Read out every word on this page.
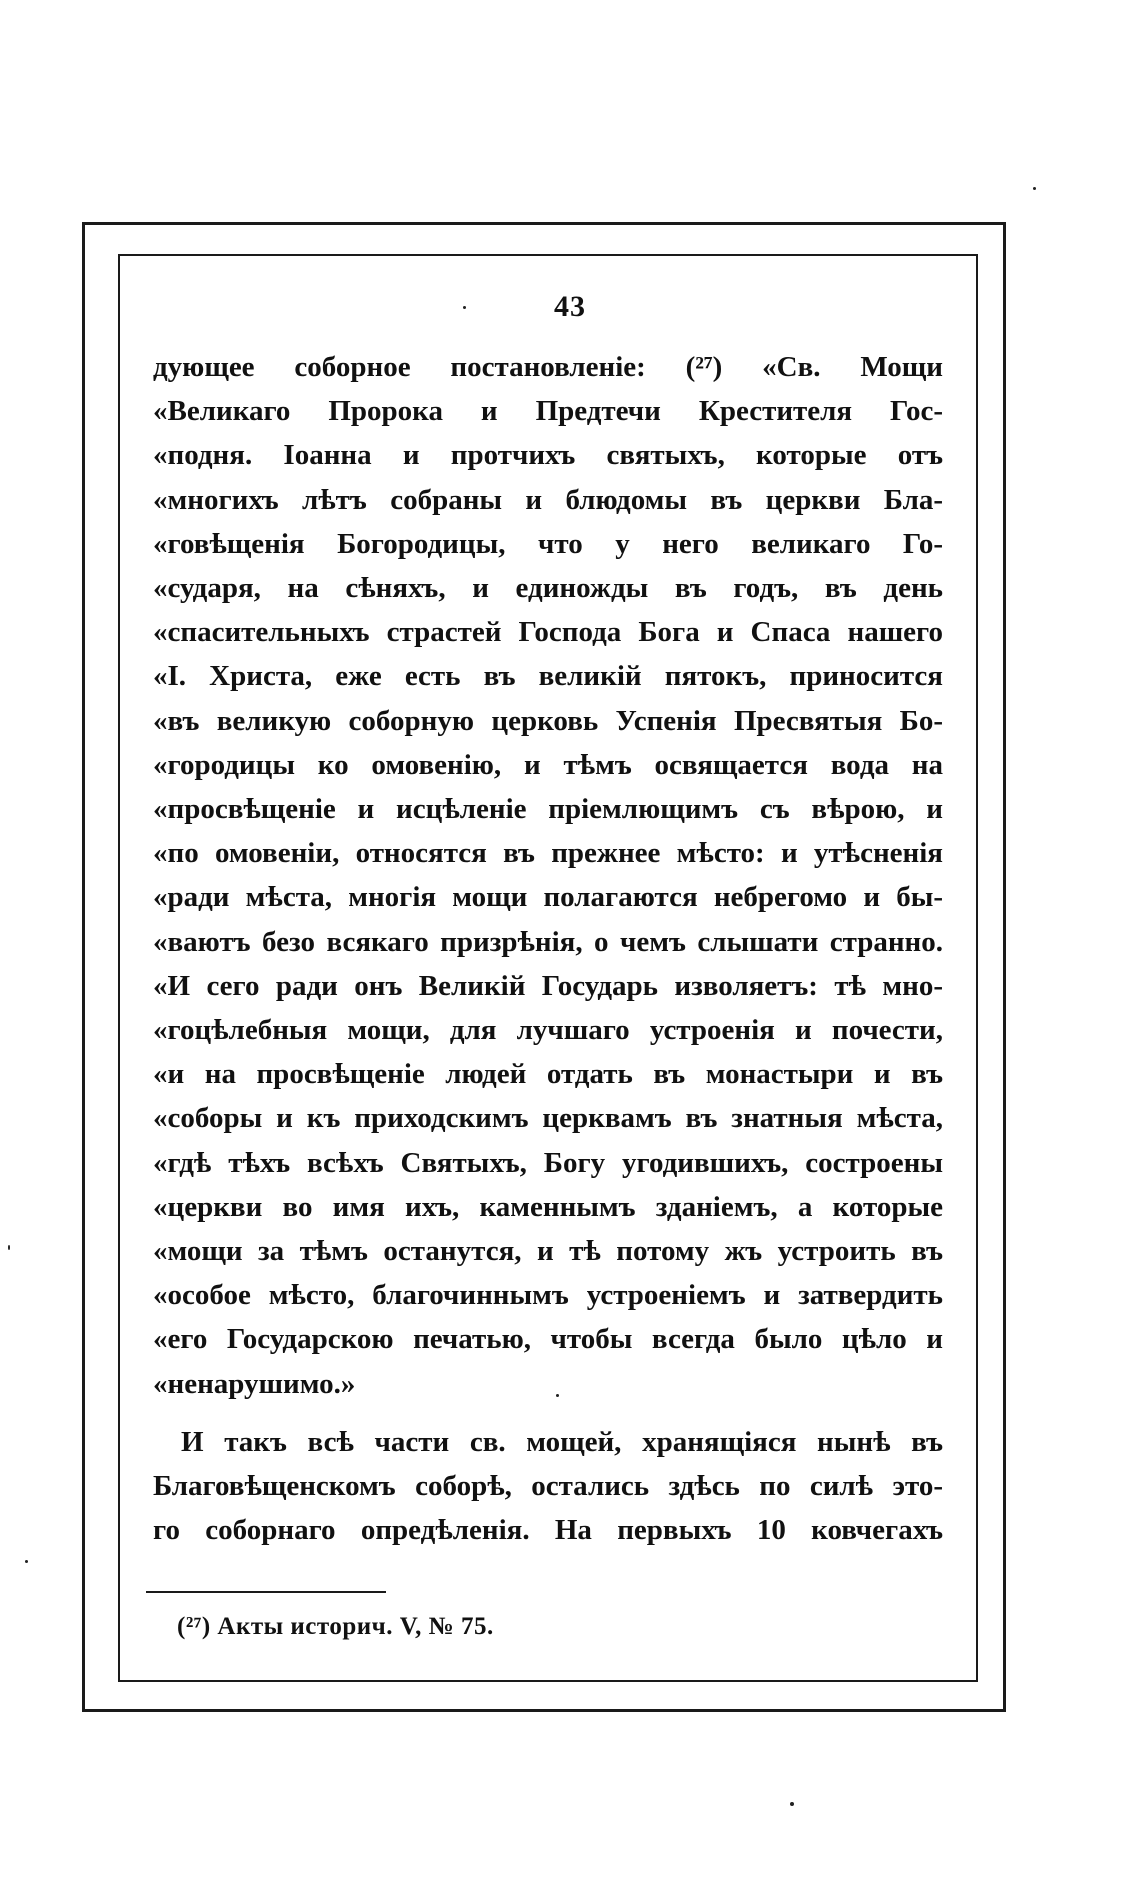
43
дующее соборное постановленіе: (²⁷) «Св. Мощи
«Великаго Пророка и Предтечи Крестителя Гос-
«подня. Іоанна и протчихъ святыхъ, которые отъ
«многихъ лѣтъ собраны и блюдомы въ церкви Бла-
«говѣщенія Богородицы, что у него великаго Го-
«сударя, на сѣняхъ, и единожды въ годъ, въ день
«спасительныхъ страстей Господа Бога и Спаса нашего
«І. Христа, еже есть въ великій пятокъ, приносится
«въ великую соборную церковь Успенія Пресвятыя Бо-
«городицы ко омовенію, и тѣмъ освящается вода на
«просвѣщеніе и исцѣленіе пріемлющимъ съ вѣрою, и
«по омовеніи, относятся въ прежнее мѣсто: и утѣсненія
«ради мѣста, многія мощи полагаются небрегомо и бы-
«ваютъ безо всякаго призрѣнія, о чемъ слышати странно.
«И сего ради онъ Великій Государь изволяетъ: тѣ мно-
«гоцѣлебныя мощи, для лучшаго устроенія и почести,
«и на просвѣщеніе людей отдать въ монастыри и въ
«соборы и къ приходскимъ церквамъ въ знатныя мѣста,
«гдѣ тѣхъ всѣхъ Святыхъ, Богу угодившихъ, состроены
«церкви во имя ихъ, каменнымъ зданіемъ, а которые
«мощи за тѣмъ останутся, и тѣ потому жъ устроить въ
«особое мѣсто, благочиннымъ устроеніемъ и затвердить
«его Государскою печатью, чтобы всегда было цѣло и
«ненарушимо.»
И такъ всѣ части св. мощей, хранящіяся нынѣ въ
Благовѣщенскомъ соборѣ, остались здѣсь по силѣ это-
го соборнаго опредѣленія. На первыхъ 10 ковчегахъ
(²⁷) Акты историч. V, № 75.
